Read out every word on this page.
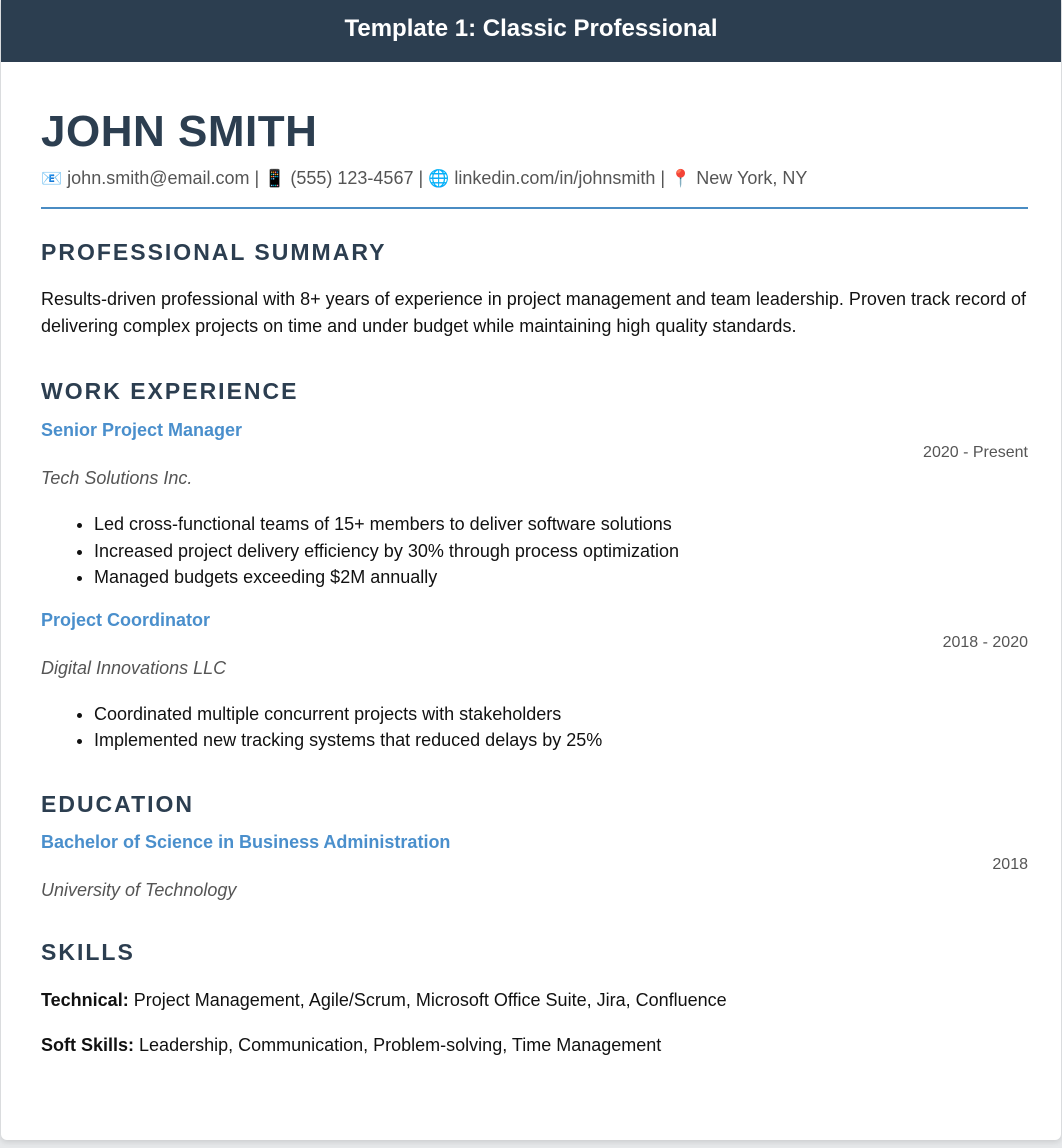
Template 1: Classic Professional
JOHN SMITH
📧 john.smith@email.com | 📱 (555) 123-4567 | 🌐 linkedin.com/in/johnsmith | 📍 New York, NY
PROFESSIONAL SUMMARY
Results-driven professional with 8+ years of experience in project management and team leadership. Proven track record of delivering complex projects on time and under budget while maintaining high quality standards.
WORK EXPERIENCE
Senior Project Manager
2020 - Present
Tech Solutions Inc.
• Led cross-functional teams of 15+ members to deliver software solutions
• Increased project delivery efficiency by 30% through process optimization
• Managed budgets exceeding $2M annually
Project Coordinator
2018 - 2020
Digital Innovations LLC
• Coordinated multiple concurrent projects with stakeholders
• Implemented new tracking systems that reduced delays by 25%
EDUCATION
Bachelor of Science in Business Administration
2018
University of Technology
SKILLS
Technical: Project Management, Agile/Scrum, Microsoft Office Suite, Jira, Confluence
Soft Skills: Leadership, Communication, Problem-solving, Time Management
